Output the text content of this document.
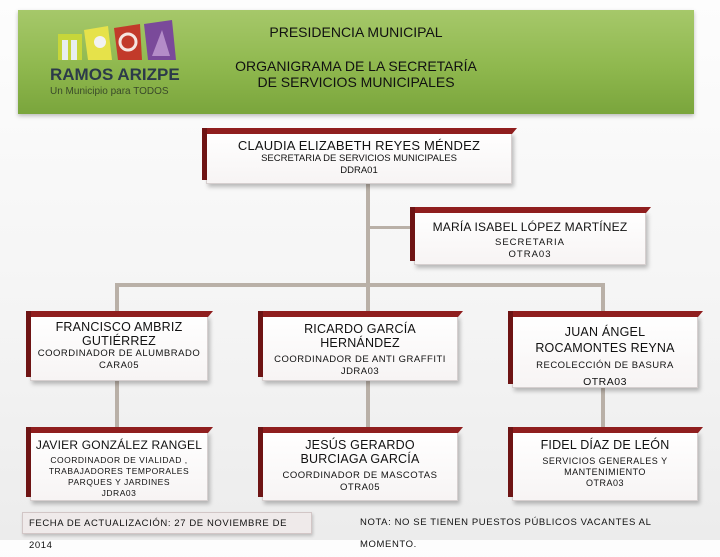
RAMOS ARIZPE
Un Municipio para TODOS
PRESIDENCIA MUNICIPAL
ORGANIGRAMA DE LA SECRETARÍA
DE SERVICIOS MUNICIPALES
CLAUDIA ELIZABETH REYES MÉNDEZ
SECRETARIA DE SERVICIOS MUNICIPALES
DDRA01
MARÍA ISABEL LÓPEZ MARTÍNEZ
SECRETARIA
OTRA03
FRANCISCO AMBRIZ GUTIÉRREZ
COORDINADOR DE ALUMBRADO
CARA05
RICARDO GARCÍA HERNÁNDEZ
COORDINADOR DE ANTI GRAFFITI
JDRA03
JUAN ÁNGEL ROCAMONTES REYNA
RECOLECCIÓN DE BASURA
OTRA03
JAVIER GONZÁLEZ RANGEL
COORDINADOR DE VIALIDAD , TRABAJADORES TEMPORALES PARQUES Y JARDINES
JDRA03
JESÚS GERARDO BURCIAGA GARCÍA
COORDINADOR DE MASCOTAS
OTRA05
FIDEL DÍAZ DE LEÓN
SERVICIOS GENERALES Y MANTENIMIENTO
OTRA03
FECHA DE ACTUALIZACIÓN: 27 DE NOVIEMBRE DE 2014
NOTA: NO SE TIENEN PUESTOS PÚBLICOS VACANTES AL MOMENTO.
